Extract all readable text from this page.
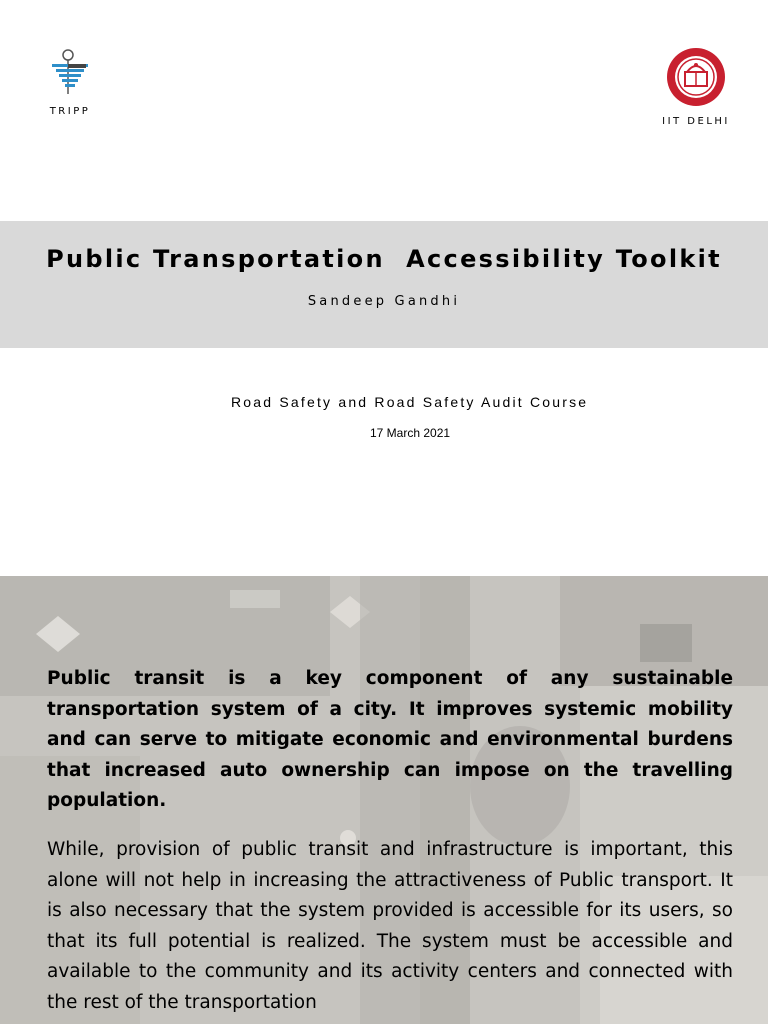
TRIPP
IIT DELHI
Public Transportation  Accessibility Toolkit
Sandeep Gandhi
Road Safety and Road Safety Audit Course
17 March 2021

Public transit is a key component of any sustainable transportation system of a city. It improves systemic mobility and can serve to mitigate economic and environmental burdens that increased auto ownership can impose on the travelling population.

While, provision of public transit and infrastructure is important, this alone will not help in increasing the attractiveness of Public transport. It is also necessary that the system provided is accessible for its users, so that its full potential is realized. The system must be accessible and available to the community and its activity centers and connected with the rest of the transportation
